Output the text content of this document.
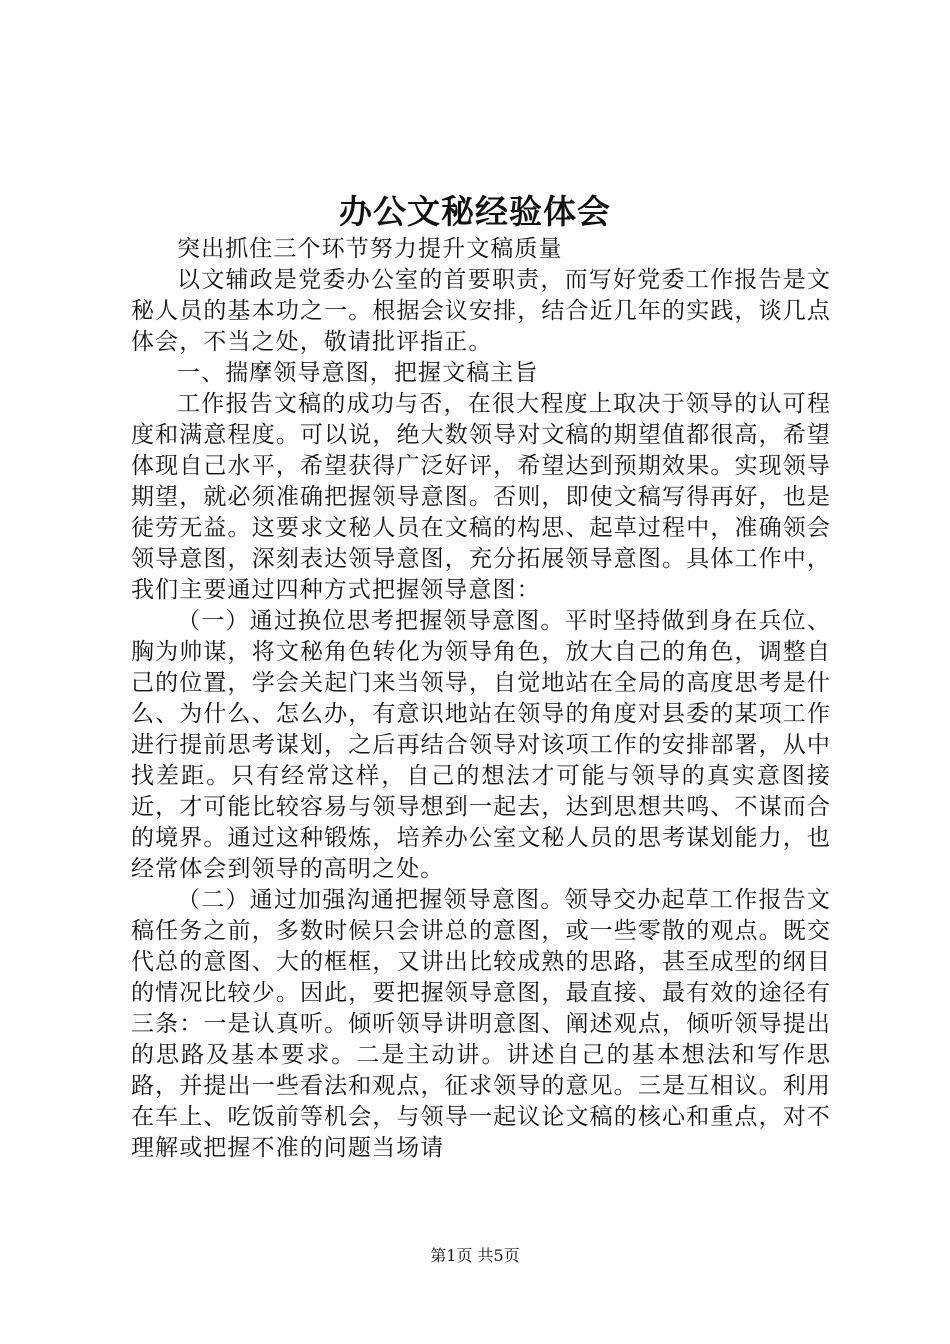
办公文秘经验体会

突出抓住三个环节努力提升文稿质量

以文辅政是党委办公室的首要职责，而写好党委工作报告是文秘人员的基本功之一。根据会议安排，结合近几年的实践，谈几点体会，不当之处，敬请批评指正。

一、揣摩领导意图，把握文稿主旨

工作报告文稿的成功与否，在很大程度上取决于领导的认可程度和满意程度。可以说，绝大数领导对文稿的期望值都很高，希望体现自己水平，希望获得广泛好评，希望达到预期效果。实现领导期望，就必须准确把握领导意图。否则，即使文稿写得再好，也是徒劳无益。这要求文秘人员在文稿的构思、起草过程中，准确领会领导意图，深刻表达领导意图，充分拓展领导意图。具体工作中，我们主要通过四种方式把握领导意图：

（一）通过换位思考把握领导意图。平时坚持做到身在兵位、胸为帅谋，将文秘角色转化为领导角色，放大自己的角色，调整自己的位置，学会关起门来当领导，自觉地站在全局的高度思考是什么、为什么、怎么办，有意识地站在领导的角度对县委的某项工作进行提前思考谋划，之后再结合领导对该项工作的安排部署，从中找差距。只有经常这样，自己的想法才可能与领导的真实意图接近，才可能比较容易与领导想到一起去，达到思想共鸣、不谋而合的境界。通过这种锻炼，培养办公室文秘人员的思考谋划能力，也经常体会到领导的高明之处。

（二）通过加强沟通把握领导意图。领导交办起草工作报告文稿任务之前，多数时候只会讲总的意图，或一些零散的观点。既交代总的意图、大的框框，又讲出比较成熟的思路，甚至成型的纲目的情况比较少。因此，要把握领导意图，最直接、最有效的途径有三条：一是认真听。倾听领导讲明意图、阐述观点，倾听领导提出的思路及基本要求。二是主动讲。讲述自己的基本想法和写作思路，并提出一些看法和观点，征求领导的意见。三是互相议。利用在车上、吃饭前等机会，与领导一起议论文稿的核心和重点，对不理解或把握不准的问题当场请

第1页 共5页
